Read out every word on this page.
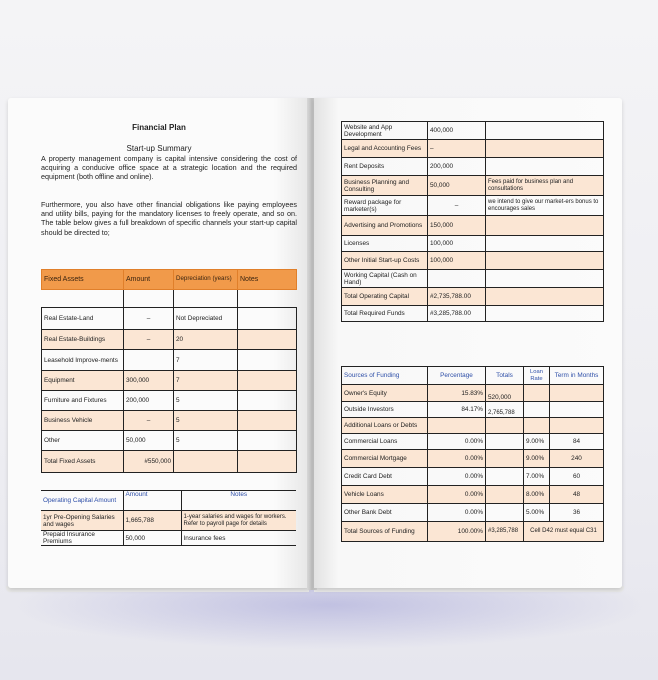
Financial Plan
Start-up Summary
A property management company is capital intensive considering the cost of acquiring a conducive office space at a strategic location and the required equipment (both offline and online).
Furthermore, you also have other financial obligations like paying employees and utility bills, paying for the mandatory licenses to freely operate, and so on. The table below gives a full breakdown of specific channels your start-up capital should be directed to;
Fixed Assets	Amount	Depreciation (years)	Notes

Real Estate-Land	–	Not Depreciated	
Real Estate-Buildings	–	20	
Leasehold Improve-ments		7	
Equipment	300,000	7	
Furniture and Fixtures	200,000	5	
Business Vehicle	–	5	
Other	50,000	5	
Total Fixed Assets	#550,000		
Operating Capital Amount	Amount	Notes
1yr Pre-Opening Salaries and wages	1,665,788	1-year salaries and wages for workers. Refer to payroll page for details
Prepaid Insurance Premiums	50,000	Insurance fees
Website and App Development	400,000	
Legal and Accounting Fees	–	
Rent Deposits	200,000	
Business Planning and Consulting	50,000	Fees paid for business plan and consultations
Reward package for marketer(s)	–	we intend to give our market-ers bonus to encourages sales
Advertising and Promotions	150,000	
Licenses	100,000	
Other Initial Start-up Costs	100,000	
Working Capital (Cash on Hand)		
Total Operating Capital	#2,735,788.00	
Total Required Funds	#3,285,788.00	
Sources of Funding	Percentage	Totals	Loan Rate	Term in Months
Owner's Equity	15.83%	520,000		
Outside Investors	84.17%	2,765,788		
Additional Loans or Debts				
Commercial Loans	0.00%		9.00%	84
Commercial Mortgage	0.00%		9.00%	240
Credit Card Debt	0.00%		7.00%	60
Vehicle Loans	0.00%		8.00%	48
Other Bank Debt	0.00%		5.00%	36
Total Sources of Funding	100.00%	#3,285,788	Cell D42 must equal C31	
